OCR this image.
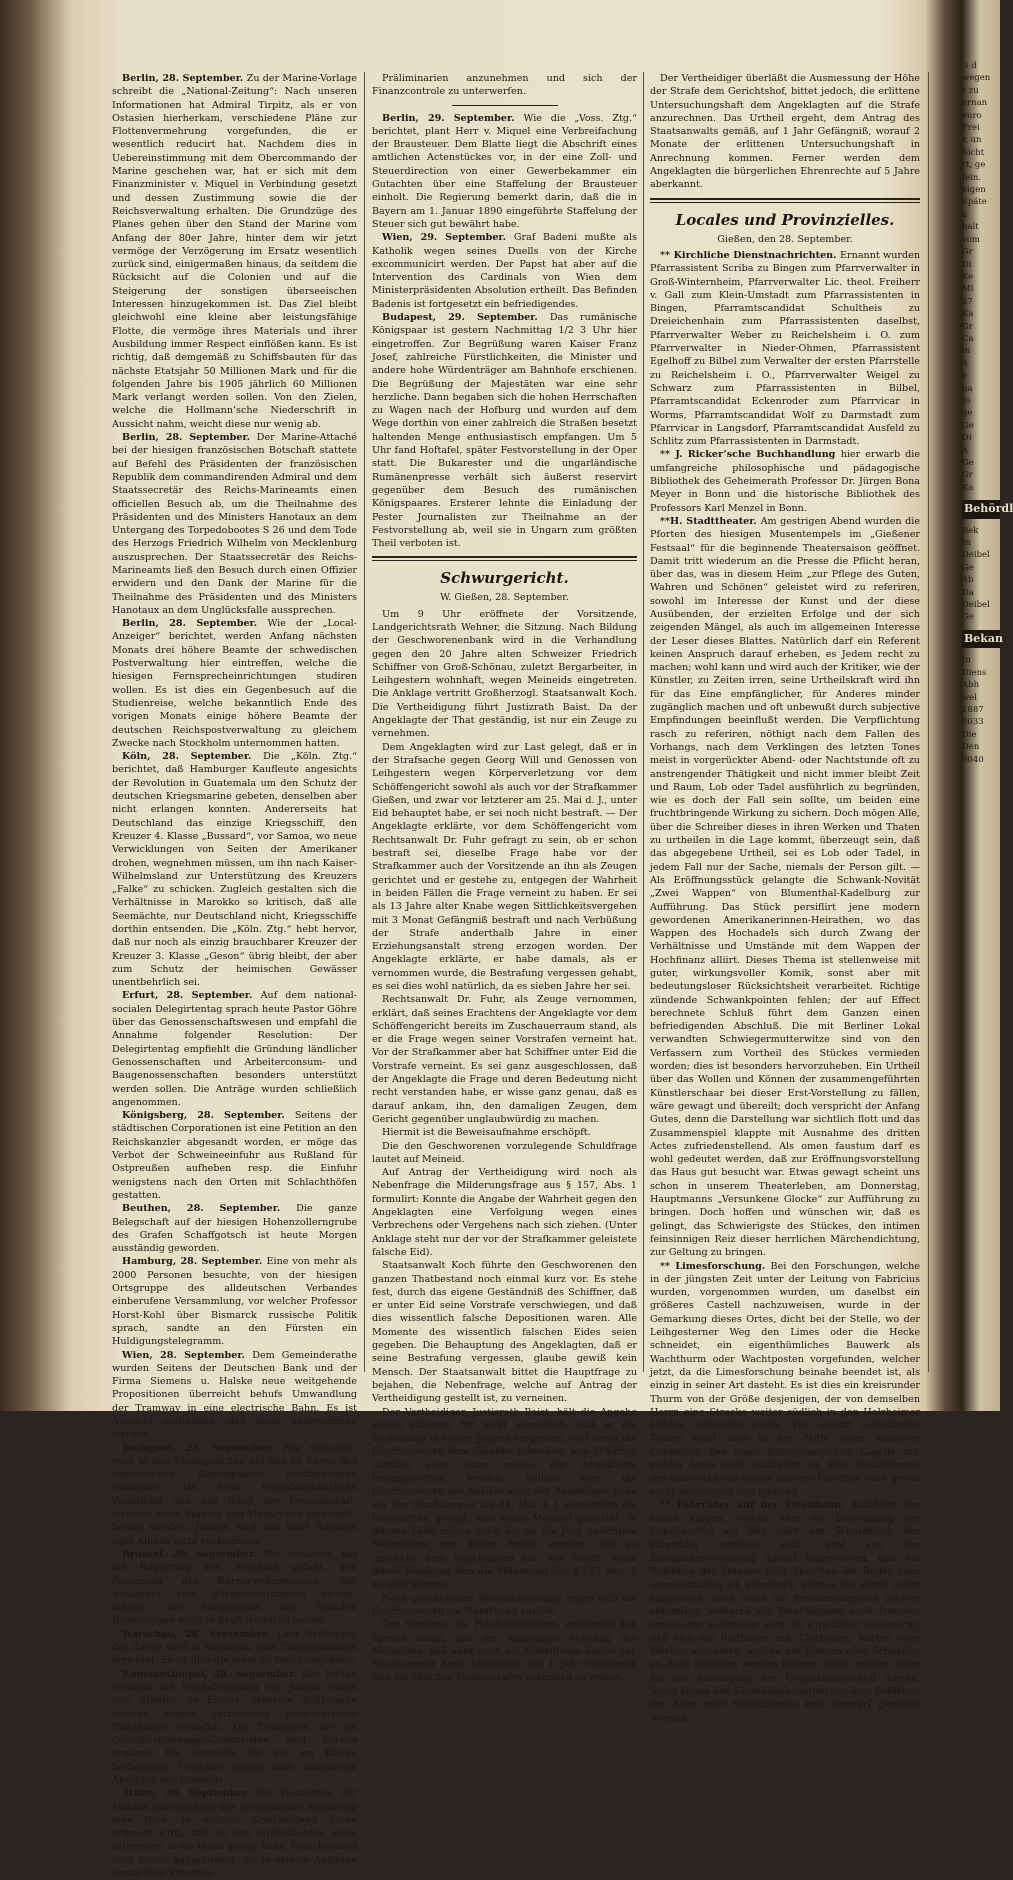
Berlin, 28. September. Zu der Marine-Vorlage schreibt die „National-Zeitung“: Nach unseren Informationen hat Admiral Tirpitz, als er von Ostasien hierherkam, verschiedene Pläne zur Flottenvermehrung vorgefunden, die er wesentlich reducirt hat. Nachdem dies in Uebereinstimmung mit dem Obercommando der Marine geschehen war, hat er sich mit dem Finanzminister v. Miquel in Verbindung gesetzt und dessen Zustimmung sowie die der Reichsverwaltung erhalten. Die Grundzüge des Planes gehen über den Stand der Marine vom Anfang der 80er Jahre, hinter dem wir jetzt vermöge der Verzögerung im Ersatz wesentlich zurück sind, einigermaßen hinaus, da seitdem die Rücksicht auf die Colonien und auf die Steigerung der sonstigen überseeischen Interessen hinzugekommen ist. Das Ziel bleibt gleichwohl eine kleine aber leistungsfähige Flotte, die vermöge ihres Materials und ihrer Ausbildung immer Respect einflößen kann. Es ist richtig, daß demgemäß zu Schiffsbauten für das nächste Etatsjahr 50 Millionen Mark und für die folgenden Jahre bis 1905 jährlich 60 Millionen Mark verlangt werden sollen. Von den Zielen, welche die Hollmann’sche Niederschrift in Aussicht nahm, weicht diese nur wenig ab.

Berlin, 28. September. Der Marine-Attaché bei der hiesigen französischen Botschaft stattete auf Befehl des Präsidenten der französischen Republik dem commandirenden Admiral und dem Staatssecretär des Reichs-Marineamts einen officiellen Besuch ab, um die Theilnahme des Präsidenten und des Ministers Hanotaux an dem Untergang des Torpedobootes S 26 und dem Tode des Herzogs Friedrich Wilhelm von Mecklenburg auszusprechen. Der Staatssecretär des Reichs-Marineamts ließ den Besuch durch einen Offizier erwidern und den Dank der Marine für die Theilnahme des Präsidenten und des Ministers Hanotaux an dem Unglücksfalle aussprechen.

Berlin, 28. September. Wie der „Local-Anzeiger“ berichtet, werden Anfang nächsten Monats drei höhere Beamte der schwedischen Postverwaltung hier eintreffen, welche die hiesigen Fernsprecheinrichtungen studiren wollen. Es ist dies ein Gegenbesuch auf die Studienreise, welche bekanntlich Ende des vorigen Monats einige höhere Beamte der deutschen Reichspostverwaltung zu gleichem Zwecke nach Stockholm unternommen hatten.

Köln, 28. September. Die „Köln. Ztg.“ berichtet, daß Hamburger Kaufleute angesichts der Revolution in Guatemala um den Schutz der deutschen Kriegsmarine gebeten, denselben aber nicht erlangen konnten. Andererseits hat Deutschland das einzige Kriegsschiff, den Kreuzer 4. Klasse „Bussard“, vor Samoa, wo neue Verwicklungen von Seiten der Amerikaner drohen, wegnehmen müssen, um ihn nach Kaiser-Wilhelmsland zur Unterstützung des Kreuzers „Falke“ zu schicken. Zugleich gestalten sich die Verhältnisse in Marokko so kritisch, daß alle Seemächte, nur Deutschland nicht, Kriegsschiffe dorthin entsenden. Die „Köln. Ztg.“ hebt hervor, daß nur noch als einzig brauchbarer Kreuzer der Kreuzer 3. Klasse „Geson“ übrig bleibt, der aber zum Schutz der heimischen Gewässer unentbehrlich sei.

Erfurt, 28. September. Auf dem national-socialen Delegirtentag sprach heute Pastor Göhre über das Genossenschaftswesen und empfahl die Annahme folgender Resolution: Der Delegirtentag empfiehlt die Gründung ländlicher Genossenschaften und Arbeiterconsum- und Baugenossenschaften besonders unterstützt werden sollen. Die Anträge wurden schließlich angenommen.

Königsberg, 28. September. Seitens der städtischen Corporationen ist eine Petition an den Reichskanzler abgesandt worden, er möge das Verbot der Schweineeinfuhr aus Rußland für Ostpreußen aufheben resp. die Einfuhr wenigstens nach den Orten mit Schlachthöfen gestatten.

Beuthen, 28. September. Die ganze Belegschaft auf der hiesigen Hohenzollerngrube des Grafen Schaffgotsch ist heute Morgen ausständig geworden.

Hamburg, 28. September. Eine von mehr als 2000 Personen besuchte, von der hiesigen Ortsgruppe des alldeutschen Verbandes einberufene Versammlung, vor welcher Professor Horst-Kohl über Bismarck russische Politik sprach, sandte an den Fürsten ein Huldigungstelegramm.

Wien, 28. September. Dem Gemeinderathe wurden Seitens der Deutschen Bank und der Firma Siemens u. Halske neue weitgehende Propositionen überreicht behufs Umwandlung der Tramway in eine electrische Bahn. Es ist Aussicht vorhanden, daß diese angenommen werden.

Budapest, 28. September. Wie verlautet, wird in den Trinksprüchen bei den zu Ehren des rumänischen Königspaares stattfindenden Galadiner das feste freundnachbarliche Verhältniß und das Band der Freundschaft, welches beide Staaten und Monarchen verknüpft, betont werden. Jedoch wird das Wort Bündniß oder Allianz nicht vorkommen.

Brüssel, 28. September. Wie verlautet, hat die Regierung den Beschluß gefaßt, den Paragraph des Bürgerwehrgesetzes, der Ausländer zum Bürgerwehrdienste zwingt, infolge des Einspruches der fremden Regierungen nicht in Kraft treten zu lassen.

Warschau, 28. September. Laut Verfügung des Zaren wird in Warschau eine Cadettenschule errichtet. Es ist dies die erste im Weichselgebiete.

Konstantinopel, 28. September. Der Sultan verfügte die Neubefestigung von Janina, sowie vier Städten im Epirus. Mehrere Zollbeamte wurden wegen Verbreitung jungtürkischer Flugblätter verhaftet. Die Delegirten für die Grenzbestimmungs-Commission sind bereits ernannt. Die Amnestie für die am Kriege betheiligten Griechen erfolgt nach definitivem Abschluß des Friedens.

Athen, 28. September. Die Gesandten der Mächte überreichten der griechischen Regierung eine Note, in welcher Griechenland daran erinnert wird, daß es den Großmächten seine Interessen in die Hand gelegt habe. Griechenland wird ferner aufgefordert, die in seinem Auftrage gemachten Friedens-

Präliminarien anzunehmen und sich der Finanzcontrole zu unterwerfen.

Berlin, 29. September. Wie die „Voss. Ztg.“ berichtet, plant Herr v. Miquel eine Verbreifachung der Brausteuer. Dem Blatte liegt die Abschrift eines amtlichen Actenstückes vor, in der eine Zoll- und Steuerdirection von einer Gewerbekammer ein Gutachten über eine Staffelung der Brausteuer einholt. Die Regierung bemerkt darin, daß die in Bayern am 1. Januar 1890 eingeführte Staffelung der Steuer sich gut bewährt habe.

Wien, 29. September. Graf Badeni mußte als Katholik wegen seines Duells von der Kirche excommunicirt werden. Der Papst hat aber auf die Intervention des Cardinals von Wien dem Ministerpräsidenten Absolution ertheilt. Das Befinden Badenis ist fortgesetzt ein befriedigendes.

Budapest, 29. September. Das rumänische Königspaar ist gestern Nachmittag 1/2 3 Uhr hier eingetroffen. Zur Begrüßung waren Kaiser Franz Josef, zahlreiche Fürstlichkeiten, die Minister und andere hohe Würdenträger am Bahnhofe erschienen. Die Begrüßung der Majestäten war eine sehr herzliche. Dann begaben sich die hohen Herrschaften zu Wagen nach der Hofburg und wurden auf dem Wege dorthin von einer zahlreich die Straßen besetzt haltenden Menge enthusiastisch empfangen. Um 5 Uhr fand Hoftafel, später Festvorstellung in der Oper statt. Die Bukarester und die ungarländische Rumänenpresse verhält sich äußerst reservirt gegenüber dem Besuch des rumänischen Königspaares. Ersterer lehnte die Einladung der Pester Journalisten zur Theilnahme an der Festvorstellung ab, weil sie in Ungarn zum größten Theil verboten ist.

Schwurgericht.
W. Gießen, 28. September.

Um 9 Uhr eröffnete der Vorsitzende, Landgerichtsrath Wehner, die Sitzung. Nach Bildung der Geschworenenbank wird in die Verhandlung gegen den 20 Jahre alten Schweizer Friedrich Schiffner von Groß-Schönau, zuletzt Bergarbeiter, in Leihgestern wohnhaft, wegen Meineids eingetreten. Die Anklage vertritt Großherzogl. Staatsanwalt Koch. Die Vertheidigung führt Justizrath Baist. Da der Angeklagte der That geständig, ist nur ein Zeuge zu vernehmen.

Dem Angeklagten wird zur Last gelegt, daß er in der Strafsache gegen Georg Will und Genossen von Leihgestern wegen Körperverletzung vor dem Schöffengericht sowohl als auch vor der Strafkammer Gießen, und zwar vor letzterer am 25. Mai d. J., unter Eid behauptet habe, er sei noch nicht bestraft. — Der Angeklagte erklärte, vor dem Schöffengericht vom Rechtsanwalt Dr. Fuhr gefragt zu sein, ob er schon bestraft sei, dieselbe Frage habe vor der Strafkammer auch der Vorsitzende an ihn als Zeugen gerichtet und er gestehe zu, entgegen der Wahrheit in beiden Fällen die Frage verneint zu haben. Er sei als 13 Jahre alter Knabe wegen Sittlichkeitsvergehen mit 3 Monat Gefängniß bestraft und nach Verbüßung der Strafe anderthalb Jahre in einer Erziehungsanstalt streng erzogen worden. Der Angeklagte erklärte, er habe damals, als er vernommen wurde, die Bestrafung vergessen gehabt, es sei dies wohl natürlich, da es sieben Jahre her sei.

Rechtsanwalt Dr. Fuhr, als Zeuge vernommen, erklärt, daß seines Erachtens der Angeklagte vor dem Schöffengericht bereits im Zuschauerraum stand, als er die Frage wegen seiner Vorstrafen verneint hat. Vor der Strafkammer aber hat Schiffner unter Eid die Vorstrafe verneint. Es sei ganz ausgeschlossen, daß der Angeklagte die Frage und deren Bedeutung nicht recht verstanden habe, er wisse ganz genau, daß es darauf ankam, ihn, den damaligen Zeugen, dem Gericht gegenüber unglaubwürdig zu machen.

Hiermit ist die Beweisaufnahme erschöpft.

Die den Geschworenen vorzulegende Schuldfrage lautet auf Meineid.

Auf Antrag der Vertheidigung wird noch als Nebenfrage die Milderungsfrage aus § 157, Abs. 1 formulirt: Konnte die Angabe der Wahrheit gegen den Angeklagten eine Verfolgung wegen eines Verbrechens oder Vergehens nach sich ziehen. (Unter Anklage steht nur der vor der Strafkammer geleistete falsche Eid).

Staatsanwalt Koch führte den Geschworenen den ganzen Thatbestand noch einmal kurz vor. Es stehe fest, durch das eigene Geständniß des Schiffner, daß er unter Eid seine Vorstrafe verschwiegen, und daß dies wissentlich falsche Depositionen waren. Alle Momente des wissentlich falschen Eides seien gegeben. Die Behauptung des Angeklagten, daß er seine Bestrafung vergessen, glaube gewiß kein Mensch. Der Staatsanwalt bittet die Hauptfrage zu bejahen, die Nebenfrage, welche auf Antrag der Vertheidigung gestellt ist, zu verneinen.

Der Vertheidiger, Justizrath Baist, hält die Angabe seines Clienten für nicht unmöglich, daß er die Bestrafung in seiner Jugend vergessen, und wenn die Geschworenen dem Glauben schenken, was Schiffner darüber sagt, dann müsse der Angeklagte freigesprochen werden. Sollten aber die Geschworenen der Ansicht sein, der Angeklagte habe vor der Strafkammer am 24. Mai d. J. wissentlich die Unwahrheit gesagt, also einen Meineid geleistet, in diesem Falle müsse auch die an die Jury gerichtete Nebenfrage von dieser bejaht werden, und es geschehe dem Angeklagten nur sein Recht, wenn durch Bejahung ihm die Milderung des § 157 Abs. 1 zu gute komme.

Nach geschehener Rechtsbelehrung zogen sich die Geschworenen zur Berathung zurück.

Der Obmann, Th. Haubach-Gießen, verkündet den Spruch dahin, daß der Angeklagte schuldig des Meineides, daß aber auch die Nebenfrage bejaht sei. Staatsanwalt Koch beantragt, auf 1 Jahr Gefängniß und die üblichen Nebenstrafen erkennen zu wollen.

Der Vertheidiger überläßt die Ausmessung der Höhe der Strafe dem Gerichtshof, bittet jedoch, die erlittene Untersuchungshaft dem Angeklagten auf die Strafe anzurechnen. Das Urtheil ergeht, dem Antrag des Staatsanwalts gemäß, auf 1 Jahr Gefängniß, worauf 2 Monate der erlittenen Untersuchungshaft in Anrechnung kommen. Ferner werden dem Angeklagten die bürgerlichen Ehrenrechte auf 5 Jahre aberkannt.

Locales und Provinzielles.
Gießen, den 28. September.

** Kirchliche Dienstnachrichten. Ernannt wurden Pfarrassistent Scriba zu Bingen zum Pfarrverwalter in Groß-Winternheim, Pfarrverwalter Lic. theol. Freiherr v. Gall zum Klein-Umstadt zum Pfarrassistenten in Bingen, Pfarramtscandidat Schultheis zu Dreieichenhain zum Pfarrassistenten daselbst, Pfarrverwalter Weber zu Reichelsheim i. O. zum Pfarrverwalter in Nieder-Ohmen, Pfarrassistent Egelhoff zu Bilbel zum Verwalter der ersten Pfarrstelle zu Reichelsheim i. O., Pfarrverwalter Weigel zu Schwarz zum Pfarrassistenten in Bilbel, Pfarramtscandidat Eckenroder zum Pfarrvicar in Worms, Pfarramtscandidat Wolf zu Darmstadt zum Pfarrvicar in Langsdorf, Pfarramtscandidat Ausfeld zu Schlitz zum Pfarrassistenten in Darmstadt.

** J. Ricker’sche Buchhandlung hier erwarb die umfangreiche philosophische und pädagogische Bibliothek des Geheimerath Professor Dr. Jürgen Bona Meyer in Bonn und die historische Bibliothek des Professors Karl Menzel in Bonn.

**H. Stadttheater. Am gestrigen Abend wurden die Pforten des hiesigen Musentempels im „Gießener Festsaal“ für die beginnende Theatersaison geöffnet. Damit tritt wiederum an die Presse die Pflicht heran, über das, was in diesem Heim „zur Pflege des Guten, Wahren und Schönen“ geleistet wird zu referiren, sowohl im Interesse der Kunst und der diese Ausübenden, der erzielten Erfolge und der sich zeigenden Mängel, als auch im allgemeinen Interesse der Leser dieses Blattes. Natürlich darf ein Referent keinen Anspruch darauf erheben, es Jedem recht zu machen; wohl kann und wird auch der Kritiker, wie der Künstler, zu Zeiten irren, seine Urtheilskraft wird ihn für das Eine empfänglicher, für Anderes minder zugänglich machen und oft unbewußt durch subjective Empfindungen beeinflußt werden. Die Verpflichtung rasch zu referiren, nöthigt nach dem Fallen des Vorhangs, nach dem Verklingen des letzten Tones meist in vorgerückter Abend- oder Nachtstunde oft zu anstrengender Thätigkeit und nicht immer bleibt Zeit und Raum, Lob oder Tadel ausführlich zu begründen, wie es doch der Fall sein sollte, um beiden eine fruchtbringende Wirkung zu sichern. Doch mögen Alle, über die Schreiber dieses in ihren Werken und Thaten zu urtheilen in die Lage kommt, überzeugt sein, daß das abgegebene Urtheil, sei es Lob oder Tadel, in jedem Fall nur der Sache, niemals der Person gilt. — Als Eröffnungsstück gelangte die Schwank-Novität „Zwei Wappen“ von Blumenthal-Kadelburg zur Aufführung. Das Stück persiflirt jene modern gewordenen Amerikanerinnen-Heirathen, wo das Wappen des Hochadels sich durch Zwang der Verhältnisse und Umstände mit dem Wappen der Hochfinanz alliirt. Dieses Thema ist stellenweise mit guter, wirkungsvoller Komik, sonst aber mit bedeutungsloser Rücksichtsheit verarbeitet. Richtige zündende Schwankpointen fehlen; der auf Effect berechnete Schluß führt dem Ganzen einen befriedigenden Abschluß. Die mit Berliner Lokal verwandten Schwiegermutterwitze sind von den Verfassern zum Vortheil des Stückes vermieden worden; dies ist besonders hervorzuheben. Ein Urtheil über das Wollen und Können der zusammengeführten Künstlerschaar bei dieser Erst-Vorstellung zu fällen, wäre gewagt und übereilt; doch verspricht der Anfang Gutes, denn die Darstellung war sichtlich flott und das Zusammenspiel klappte mit Ausnahme des dritten Actes zufriedenstellend. Als omen faustum darf es wohl gedeutet werden, daß zur Eröffnungsvorstellung das Haus gut besucht war. Etwas gewagt scheint uns schon in unserem Theaterleben, am Donnerstag, Hauptmanns „Versunkene Glocke“ zur Aufführung zu bringen. Doch hoffen und wünschen wir, daß es gelingt, das Schwierigste des Stückes, den intimen feinsinnigen Reiz dieser herrlichen Märchendichtung, zur Geltung zu bringen.

** Limesforschung. Bei den Forschungen, welche in der jüngsten Zeit unter der Leitung von Fabricius wurden, vorgenommen wurden, um daselbst ein größeres Castell nachzuweisen, wurde in der Gemarkung dieses Ortes, dicht bei der Stelle, wo der Leihgesterner Weg den Limes oder die Hecke schneidet, ein eigenthümliches Bauwerk als Wachthurm oder Wachtposten vorgefunden, welcher jetzt, da die Limesforschung beinahe beendet ist, als einzig in seiner Art dasteht. Es ist dies ein kreisrunder Thurm von der Größe desjenigen, der von demselben Herrn eine Strecke weiter südlich in den Holzheimer Heiden, gefunden wurde. Der zuletzt aufgedeckte Thurm steht aber in der Mitte eines massiven Gebäudes, das einer frühromanischen Kapelle mit runder Apsis nicht unähnlich ist. Eine Besichtigung des Bauwerks von Seiten unserer Forscher wäre gewiß recht interessant und lohnend.

** Fahrräder auf der Eisenbahn. Anläßlich der vielen Klagen, welche über die Befestigung der Gepäckzettel am Sitz oder am Schutzblech der Fahrräder erhoben sind, wird von der Eisenbahnverwaltung darauf hingewiesen, daß ein Bekleben der Stangen oder Speichen der Räder ganz unzweckmäßig ist. Hierdurch würden die Zettel leicht abgerissen, auch seien die Bestimmungsorte schwer erkennbar, wodurch ein Verschleppen nach fremden Orten sehr begünstigt wird. Es wird daher gewünscht, daß sich die Radfahrer mit Täschchen, Karten oder Marken ausrüsten, welche mit Riemen oder Schnallen an Rade befestigt werden können. Diese würden dann für die Anbringung der Gepäckklebezettel dienen. Sonst könne den Eisenbahnbeamten aus dem Bekleben der Sitze oder Schutzbleche kein Vorwurf gemacht werden.

's d
wegen
r zu
ernan
euro
Frei
r, un
Sicht
rt, ge
fein.
eigen
Späte
u
halt
vom
Gr
Di
Ke
Mi
27
Ka
Gr
Ca
in
A
e
ha
Jo
ge
Ge
Di
A
Ge
Gr
Ka
Behördl
Bek
In
Deibel
Ge
Ab
Da
Deibel
Ge
Bekan
In
Diens
Abh
wel
1887
9033
Die
Den
9040
